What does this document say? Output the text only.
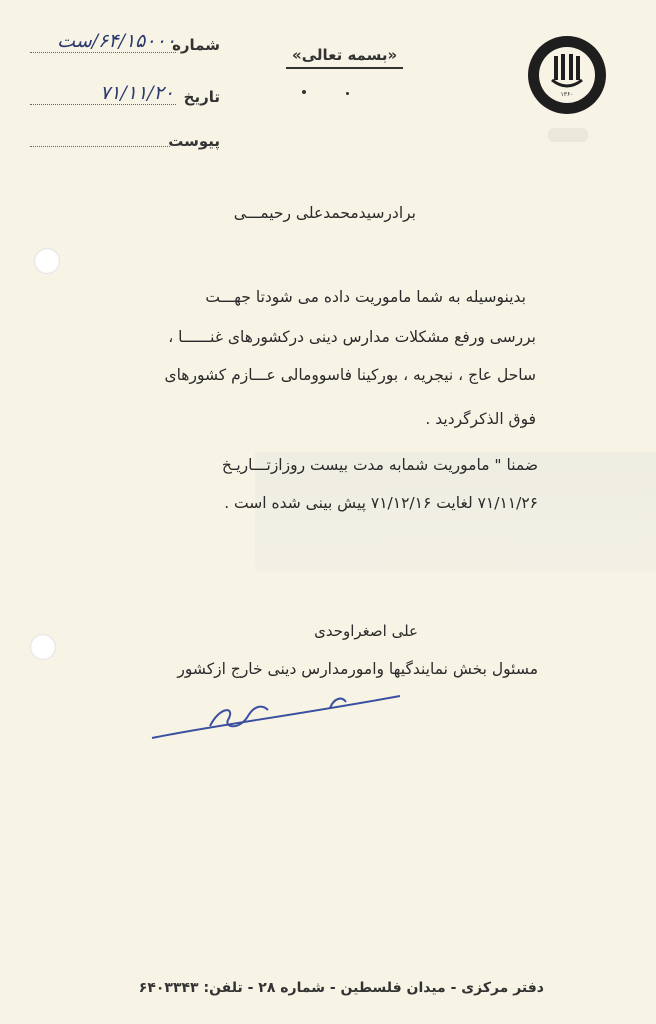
۱۳۶۰
«بسمه تعالی»
شماره
۶۴/۱۵۰۰۰/ست
تاریخ
۷۱/۱۱/۲۰
پیوست
برادرسیدمحمدعلی رحیمـــی
بدینوسیله به شما ماموریت داده می شودتا جهـــت
بررسی ورفع مشکلات مدارس دینی درکشورهای غنــــــا ،
ساحل عاج ، نیجریه ، بورکینا فاسوومالی عـــازم کشورهای
فوق الذکرگردید .
ضمنا " ماموریت شمابه مدت بیست روزازتـــاریـخ
۷۱/۱۱/۲۶ لغایت ۷۱/۱۲/۱۶ پیش بینی شده است .
علی اصغراوحدی
مسئول بخش نمایندگیها وامورمدارس دینی خارج ازکشور
دفتر مرکزی - میدان فلسطین - شماره ۲۸ - تلفن: ۶۴۰۳۳۴۳
